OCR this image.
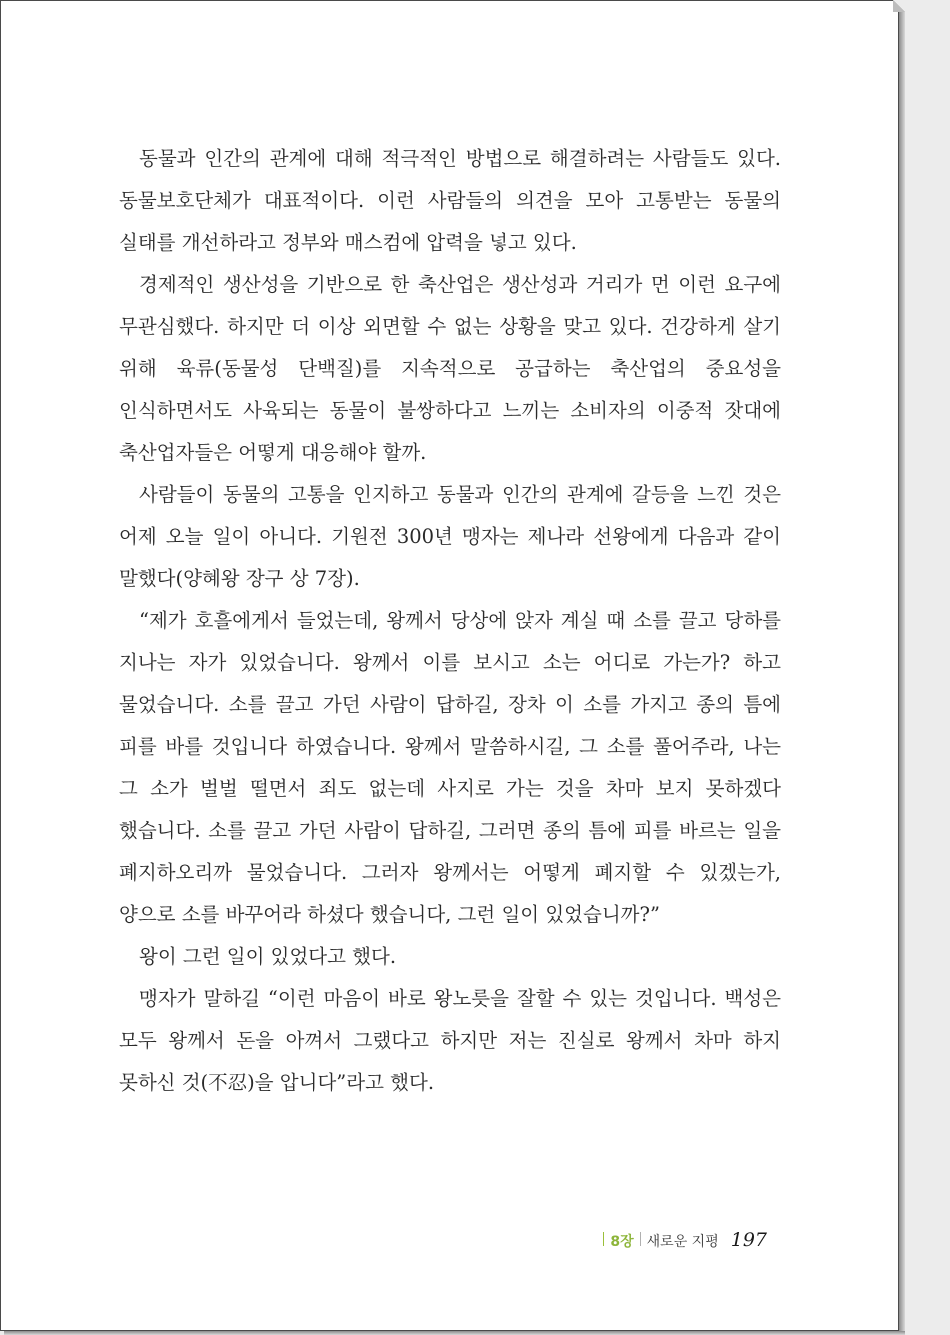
동물과 인간의 관계에 대해 적극적인 방법으로 해결하려는 사람들도 있다. 동물보호단체가 대표적이다. 이런 사람들의 의견을 모아 고통받는 동물의 실태를 개선하라고 정부와 매스컴에 압력을 넣고 있다.

경제적인 생산성을 기반으로 한 축산업은 생산성과 거리가 먼 이런 요구에 무관심했다. 하지만 더 이상 외면할 수 없는 상황을 맞고 있다. 건강하게 살기 위해 육류(동물성 단백질)를 지속적으로 공급하는 축산업의 중요성을 인식하면서도 사육되는 동물이 불쌍하다고 느끼는 소비자의 이중적 잣대에 축산업자들은 어떻게 대응해야 할까.

사람들이 동물의 고통을 인지하고 동물과 인간의 관계에 갈등을 느낀 것은 어제 오늘 일이 아니다. 기원전 300년 맹자는 제나라 선왕에게 다음과 같이 말했다(양혜왕 장구 상 7장).

“제가 호흘에게서 들었는데, 왕께서 당상에 앉자 계실 때 소를 끌고 당하를 지나는 자가 있었습니다. 왕께서 이를 보시고 소는 어디로 가는가? 하고 물었습니다. 소를 끌고 가던 사람이 답하길, 장차 이 소를 가지고 종의 틈에 피를 바를 것입니다 하였습니다. 왕께서 말씀하시길, 그 소를 풀어주라, 나는 그 소가 벌벌 떨면서 죄도 없는데 사지로 가는 것을 차마 보지 못하겠다 했습니다. 소를 끌고 가던 사람이 답하길, 그러면 종의 틈에 피를 바르는 일을 폐지하오리까 물었습니다. 그러자 왕께서는 어떻게 폐지할 수 있겠는가, 양으로 소를 바꾸어라 하셨다 했습니다, 그런 일이 있었습니까?”

왕이 그런 일이 있었다고 했다.

맹자가 말하길 “이런 마음이 바로 왕노릇을 잘할 수 있는 것입니다. 백성은 모두 왕께서 돈을 아껴서 그랬다고 하지만 저는 진실로 왕께서 차마 하지 못하신 것(不忍)을 압니다”라고 했다.

8장 새로운 지평 197
